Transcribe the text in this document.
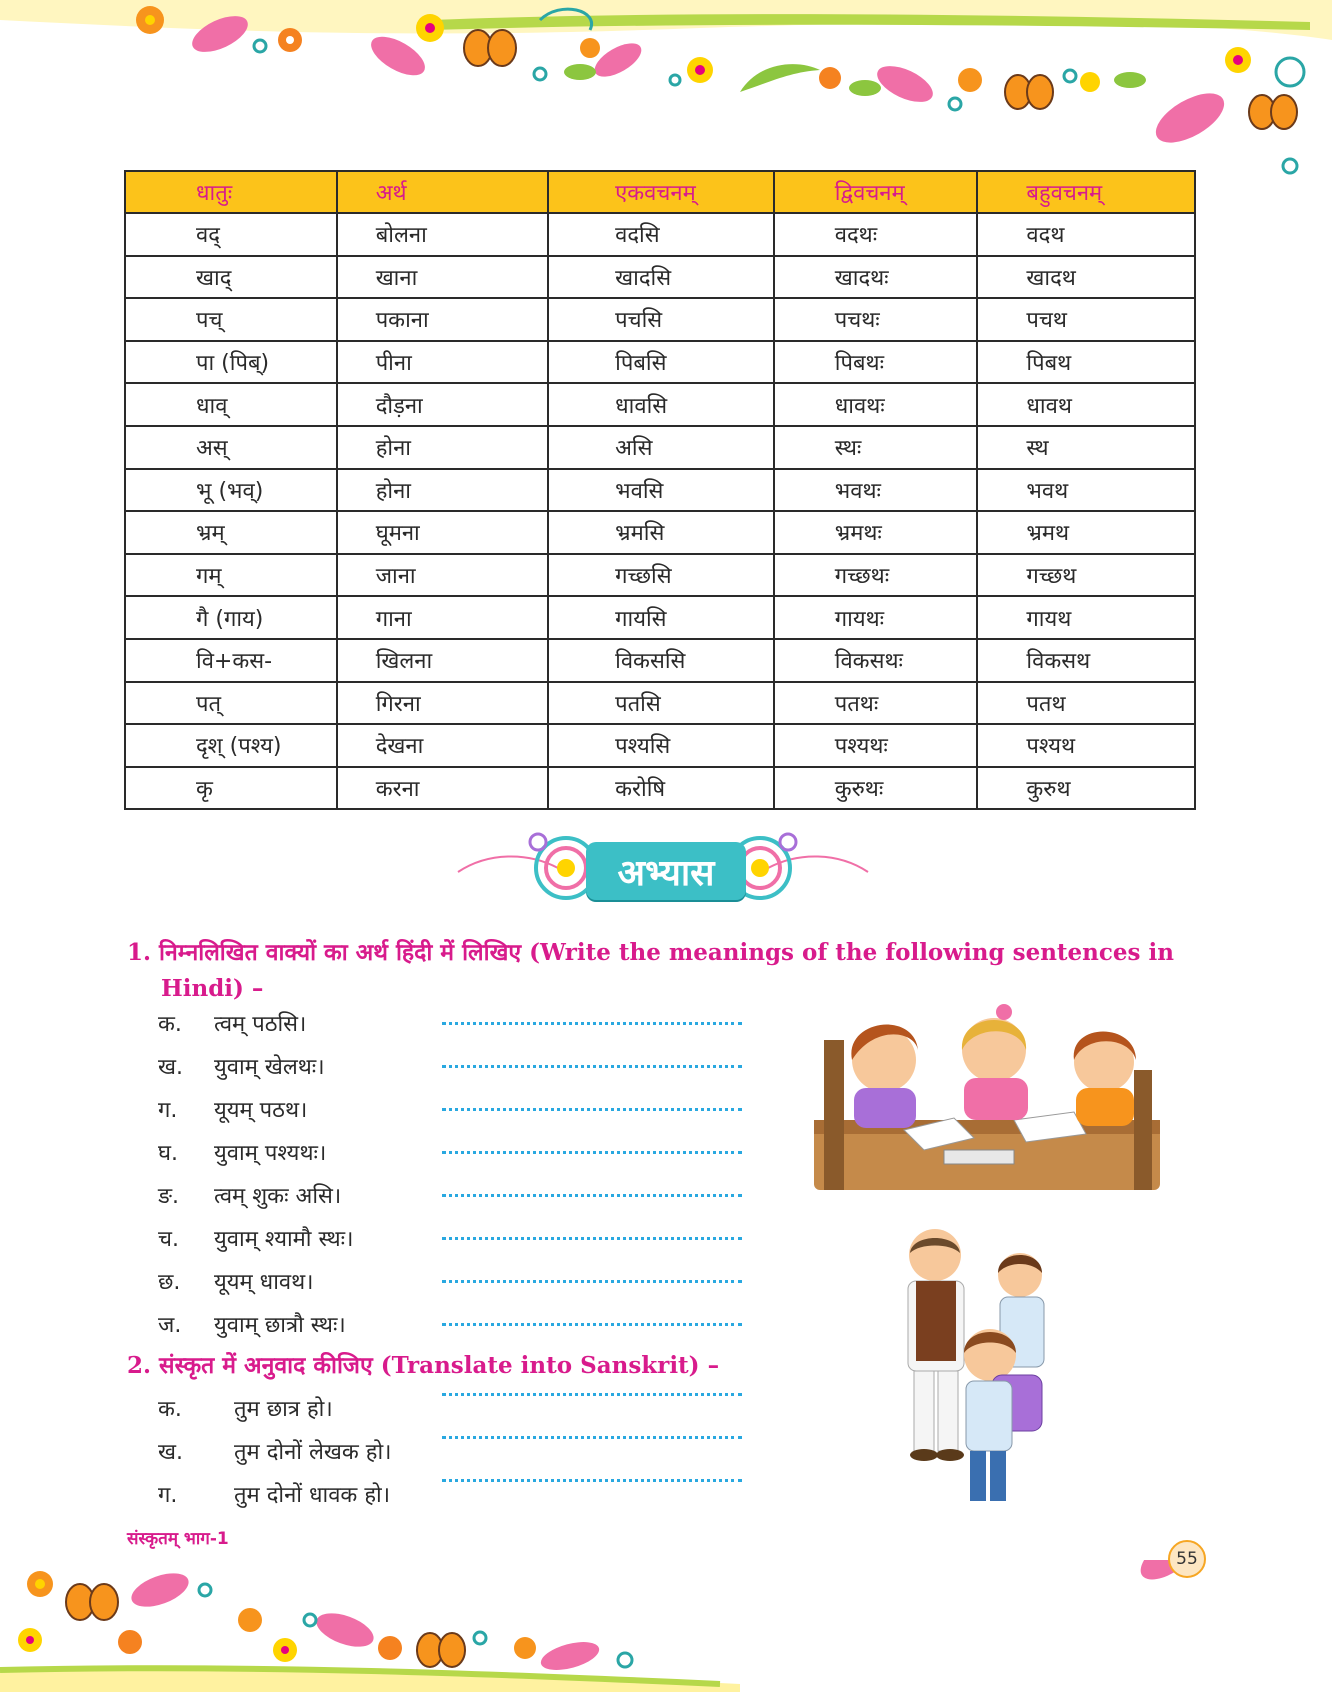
धातुः	अर्थ	एकवचनम्	द्विवचनम्	बहुवचनम्
वद्	बोलना	वदसि	वदथः	वदथ
खाद्	खाना	खादसि	खादथः	खादथ
पच्	पकाना	पचसि	पचथः	पचथ
पा (पिब्)	पीना	पिबसि	पिबथः	पिबथ
धाव्	दौड़ना	धावसि	धावथः	धावथ
अस्	होना	असि	स्थः	स्थ
भू (भव्)	होना	भवसि	भवथः	भवथ
भ्रम्	घूमना	भ्रमसि	भ्रमथः	भ्रमथ
गम्	जाना	गच्छसि	गच्छथः	गच्छथ
गै (गाय)	गाना	गायसि	गायथः	गायथ
वि+कस-	खिलना	विकससि	विकसथः	विकसथ
पत्	गिरना	पतसि	पतथः	पतथ
दृश् (पश्य)	देखना	पश्यसि	पश्यथः	पश्यथ
कृ	करना	करोषि	कुरुथः	कुरुथ
अभ्यास
1. निम्नलिखित वाक्यों का अर्थ हिंदी में लिखिए (Write the meanings of the following sentences in
Hindi) –
क.	त्वम् पठसि।
ख.	युवाम् खेलथः।
ग.	यूयम् पठथ।
घ.	युवाम् पश्यथः।
ङ.	त्वम् शुकः असि।
च.	युवाम् श्यामौ स्थः।
छ.	यूयम् धावथ।
ज.	युवाम् छात्रौ स्थः।
2. संस्कृत में अनुवाद कीजिए (Translate into Sanskrit) –
क.	तुम छात्र हो।
ख.	तुम दोनों लेखक हो।
ग.	तुम दोनों धावक हो।
संस्कृतम् भाग-1
55
